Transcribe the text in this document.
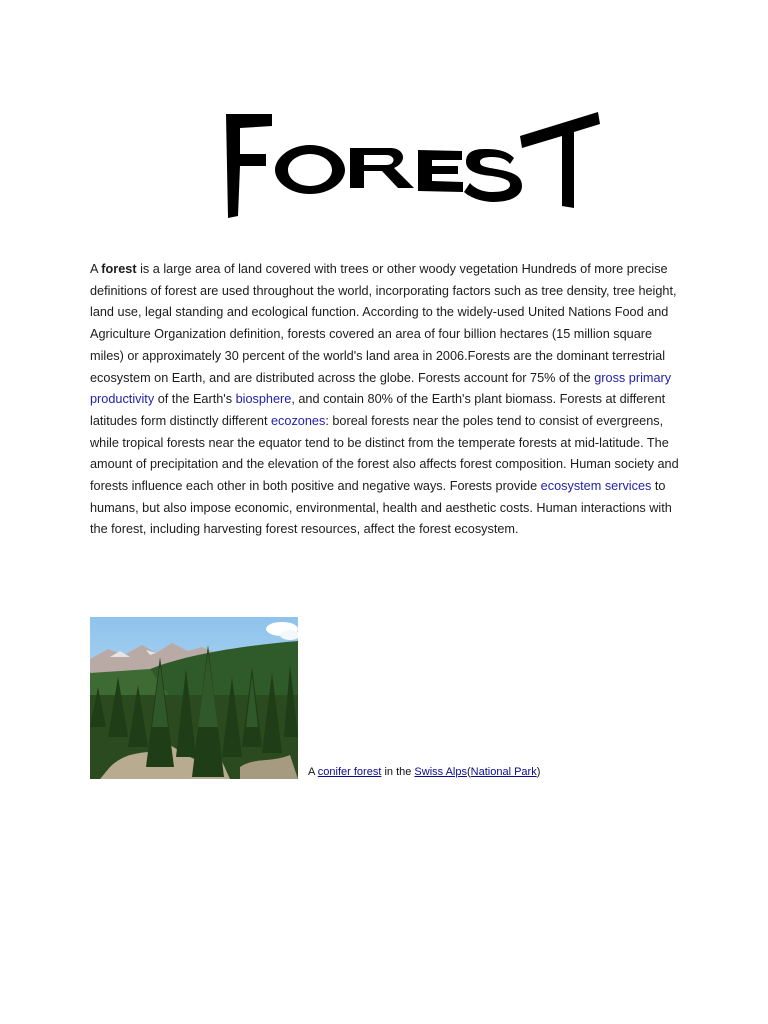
A forest is a large area of land covered with trees or other woody vegetation Hundreds of more precise definitions of forest are used throughout the world, incorporating factors such as tree density, tree height, land use, legal standing and ecological function. According to the widely-used United Nations Food and Agriculture Organization definition, forests covered an area of four billion hectares (15 million square miles) or approximately 30 percent of the world's land area in 2006.Forests are the dominant terrestrial ecosystem on Earth, and are distributed across the globe. Forests account for 75% of the gross primary productivity of the Earth's biosphere, and contain 80% of the Earth's plant biomass. Forests at different latitudes form distinctly different ecozones: boreal forests near the poles tend to consist of evergreens, while tropical forests near the equator tend to be distinct from the temperate forests at mid-latitude. The amount of precipitation and the elevation of the forest also affects forest composition. Human society and forests influence each other in both positive and negative ways. Forests provide ecosystem services to humans, but also impose economic, environmental, health and aesthetic costs. Human interactions with the forest, including harvesting forest resources, affect the forest ecosystem.

A conifer forest in the Swiss Alps(National Park)
